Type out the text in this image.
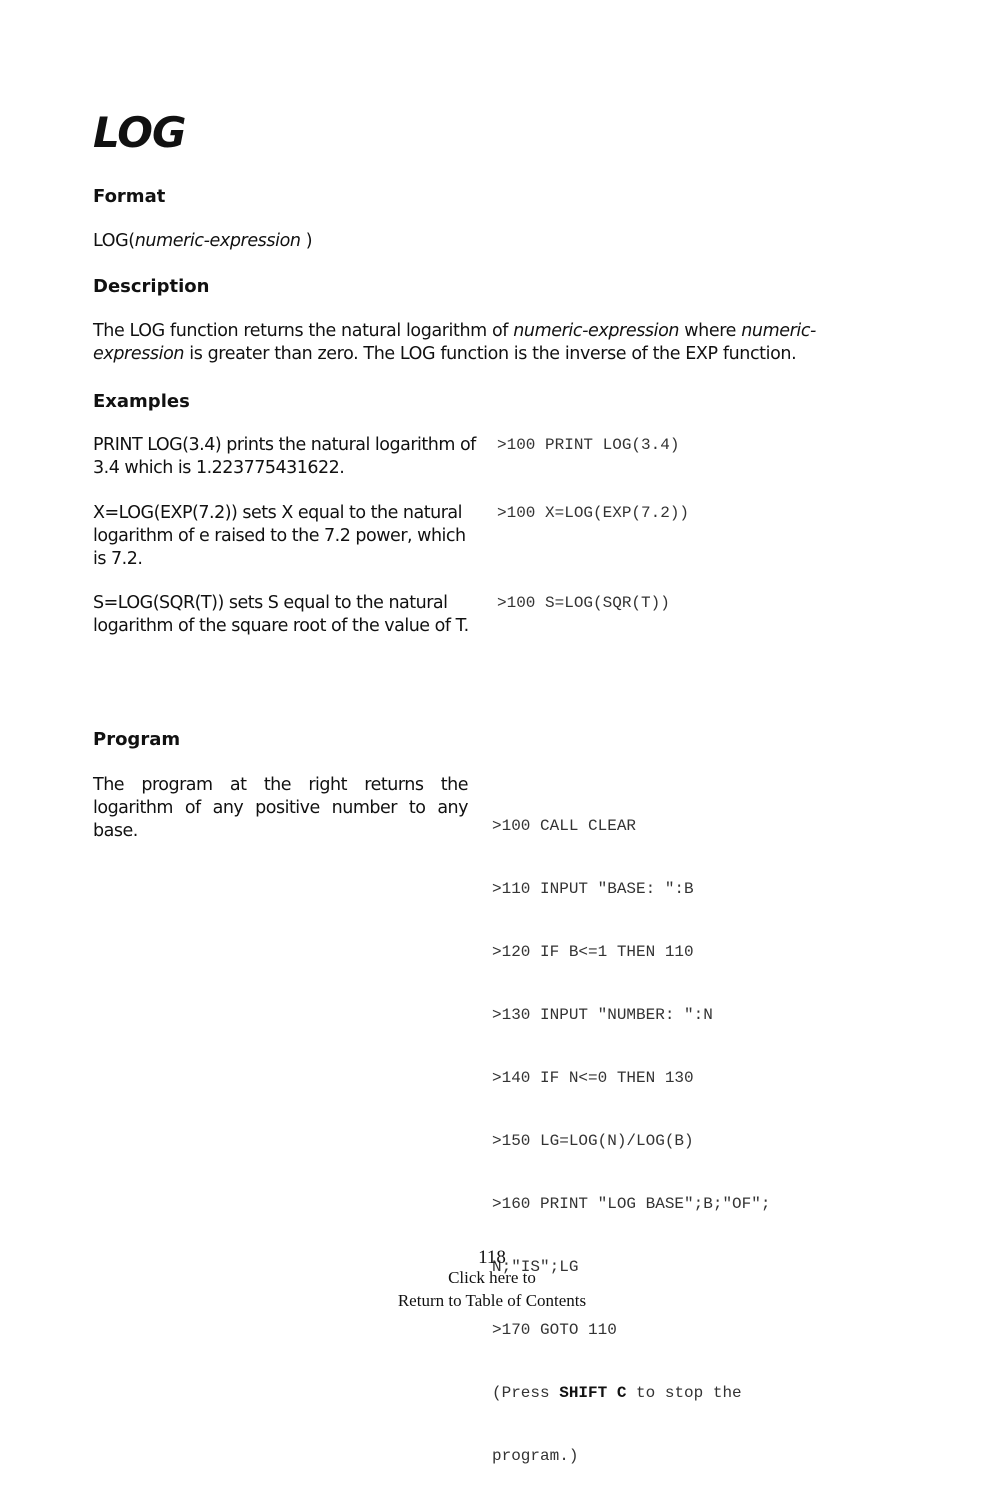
LOG
Format

LOG(numeric-expression )

Description

The LOG function returns the natural logarithm of numeric-expression where numeric-
expression is greater than zero. The LOG function is the inverse of the EXP function.

Examples

PRINT LOG(3.4) prints the natural logarithm of 3.4 which is 1.223775431622.

>100 PRINT LOG(3.4)

X=LOG(EXP(7.2)) sets X equal to the natural logarithm of e raised to the 7.2 power, which is 7.2.

>100 X=LOG(EXP(7.2))

S=LOG(SQR(T)) sets S equal to the natural logarithm of the square root of the value of T.

>100 S=LOG(SQR(T))

Program

The program at the right returns the logarithm of any positive number to any base.

	>100 CALL CLEAR

>110 INPUT "BASE: ":B

>120 IF B<=1 THEN 110

>130 INPUT "NUMBER: ":N

>140 IF N<=0 THEN 130

>150 LG=LOG(N)/LOG(B)

>160 PRINT "LOG BASE";B;"OF";

N;"IS";LG

>170 GOTO 110

(Press SHIFT C to stop the

program.)

118
Click here to
Return to Table of Contents
